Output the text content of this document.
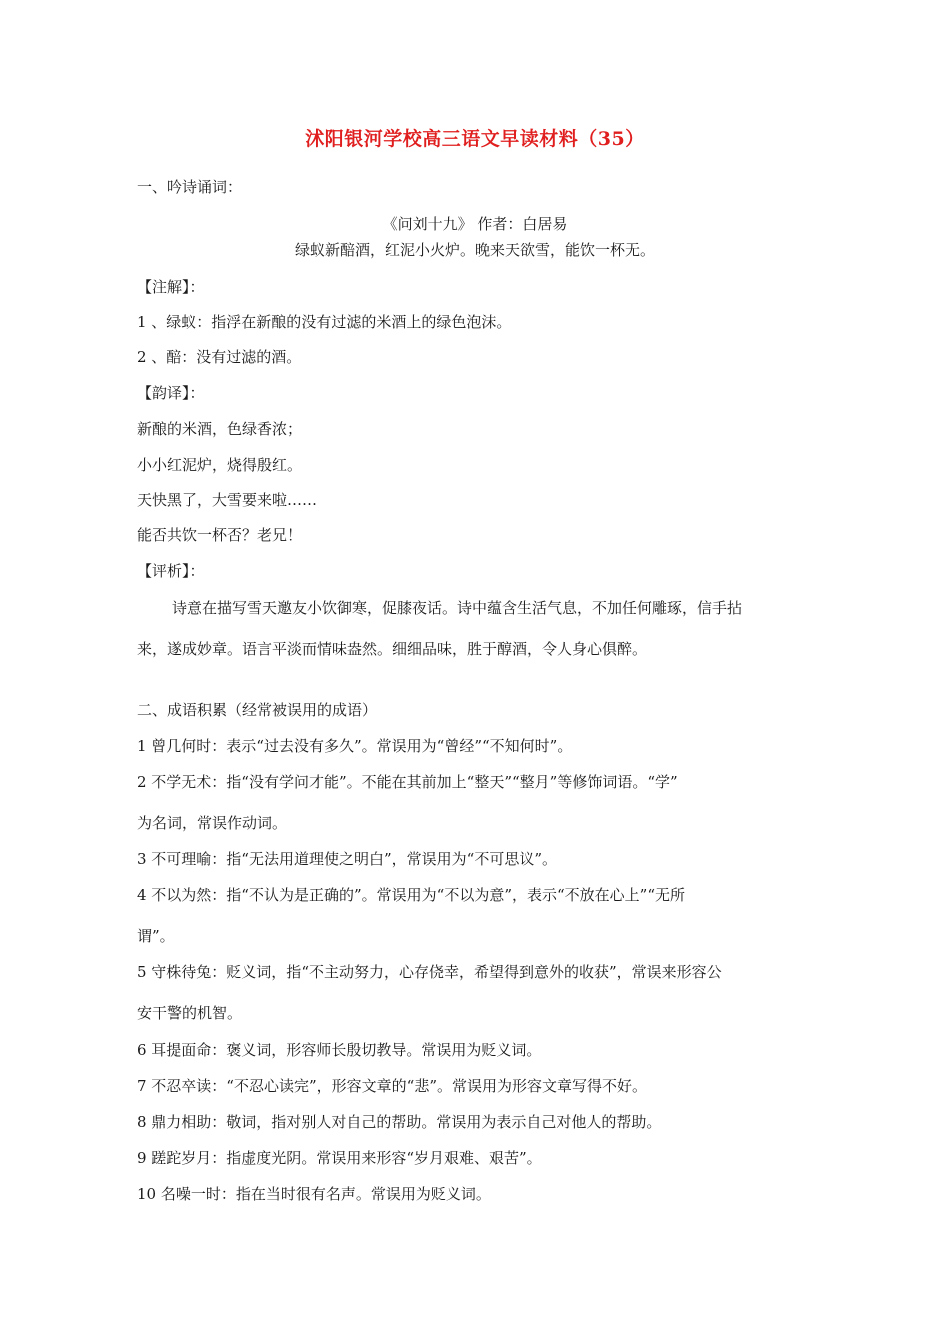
沭阳银河学校高三语文早读材料（35）
一、吟诗诵词：
《问刘十九》 作者：白居易
绿蚁新醅酒，红泥小火炉。晚来天欲雪，能饮一杯无。
【注解】：
1 、绿蚁：指浮在新酿的没有过滤的米酒上的绿色泡沫。
2 、醅：没有过滤的酒。
【韵译】：
新酿的米酒，色绿香浓；
小小红泥炉，烧得殷红。
天快黑了，大雪要来啦……
能否共饮一杯否？老兄！
【评析】：
诗意在描写雪天邀友小饮御寒，促膝夜话。诗中蕴含生活气息，不加任何雕琢，信手拈
来，遂成妙章。语言平淡而情味盎然。细细品味，胜于醇酒，令人身心俱醉。
二、成语积累（经常被误用的成语）
1 曾几何时：表示“过去没有多久”。常误用为“曾经”“不知何时”。
2 不学无术：指“没有学问才能”。不能在其前加上“整天”“整月”等修饰词语。“学”
为名词，常误作动词。
3 不可理喻：指“无法用道理使之明白”，常误用为“不可思议”。
4 不以为然：指“不认为是正确的”。常误用为“不以为意”，表示“不放在心上”“无所
谓”。
5 守株待兔：贬义词，指“不主动努力，心存侥幸，希望得到意外的收获”，常误来形容公
安干警的机智。
6 耳提面命：褒义词，形容师长殷切教导。常误用为贬义词。
7 不忍卒读：“不忍心读完”，形容文章的“悲”。常误用为形容文章写得不好。
8 鼎力相助：敬词，指对别人对自己的帮助。常误用为表示自己对他人的帮助。
9 蹉跎岁月：指虚度光阴。常误用来形容“岁月艰难、艰苦”。
10 名噪一时：指在当时很有名声。常误用为贬义词。
